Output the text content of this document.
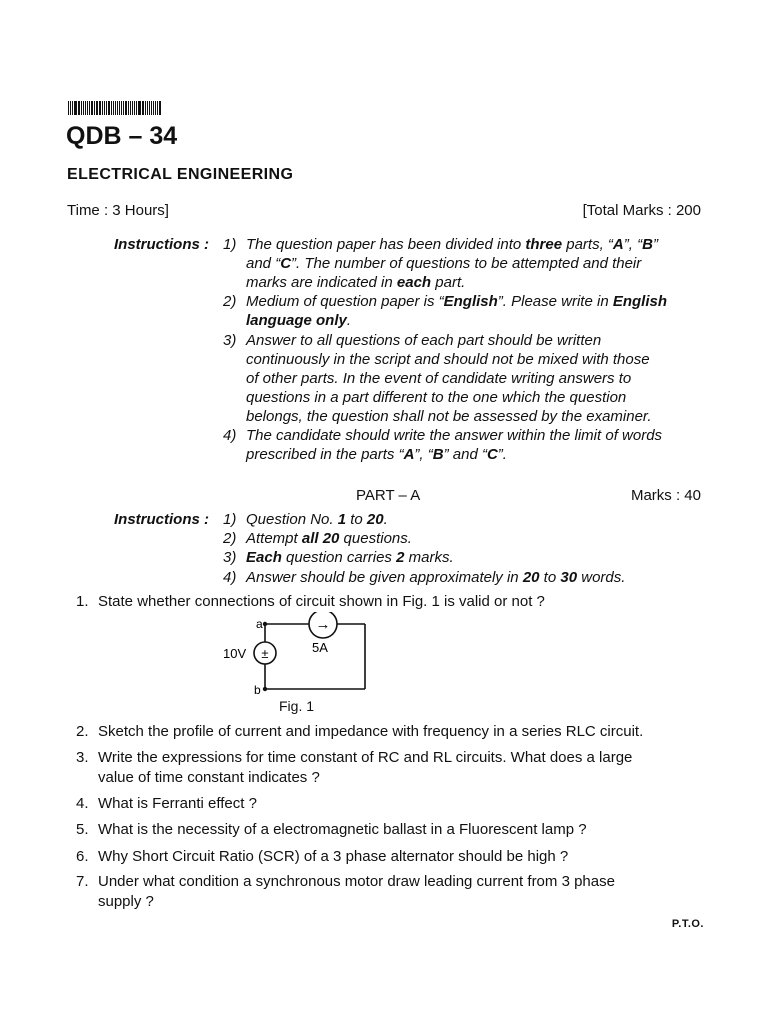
QDB – 34
ELECTRICAL ENGINEERING
Time : 3 Hours]	[Total Marks : 200
Instructions : 1) The question paper has been divided into three parts, “A”, “B”
and “C”. The number of questions to be attempted and their
marks are indicated in each part.
2) Medium of question paper is “English”. Please write in English
language only.
3) Answer to all questions of each part should be written
continuously in the script and should not be mixed with those
of other parts. In the event of candidate writing answers to
questions in a part different to the one which the question
belongs, the question shall not be assessed by the examiner.
4) The candidate should write the answer within the limit of words
prescribed in the parts “A”, “B” and “C”.
PART – A	Marks : 40
Instructions : 1) Question No. 1 to 20.
2) Attempt all 20 questions.
3) Each question carries 2 marks.
4) Answer should be given approximately in 20 to 30 words.
1. State whether connections of circuit shown in Fig. 1 is valid or not ?
2. Sketch the profile of current and impedance with frequency in a series RLC circuit.
3. Write the expressions for time constant of RC and RL circuits. What does a large
value of time constant indicates ?
4. What is Ferranti effect ?
5. What is the necessity of a electromagnetic ballast in a Fluorescent lamp ?
6. Why Short Circuit Ratio (SCR) of a 3 phase alternator should be high ?
7. Under what condition a synchronous motor draw leading current from 3 phase
supply ?
a
b
±
10V
→
5A
Fig. 1
P.T.O.
